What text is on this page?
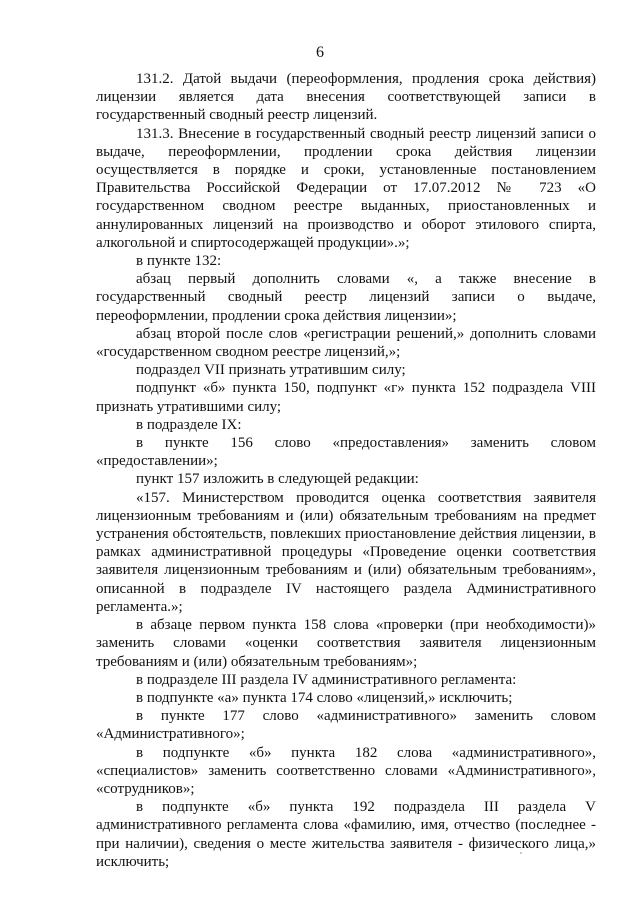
6

131.2. Датой выдачи (переоформления, продления срока действия) лицензии является дата внесения соответствующей записи в государственный сводный реестр лицензий.

131.3. Внесение в государственный сводный реестр лицензий записи о выдаче, переоформлении, продлении срока действия лицензии осуществляется в порядке и сроки, установленные постановлением Правительства Российской Федерации от 17.07.2012 № 723 «О государственном сводном реестре выданных, приостановленных и аннулированных лицензий на производство и оборот этилового спирта, алкогольной и спиртосодержащей продукции».»;

в пункте 132:

абзац первый дополнить словами «, а также внесение в государственный сводный реестр лицензий записи о выдаче, переоформлении, продлении срока действия лицензии»;

абзац второй после слов «регистрации решений,» дополнить словами «государственном сводном реестре лицензий,»;

подраздел VII признать утратившим силу;

подпункт «б» пункта 150, подпункт «г» пункта 152 подраздела VIII признать утратившими силу;

в подразделе IX:

в пункте 156 слово «предоставления» заменить словом «предоставлении»;

пункт 157 изложить в следующей редакции:

«157. Министерством проводится оценка соответствия заявителя лицензионным требованиям и (или) обязательным требованиям на предмет устранения обстоятельств, повлекших приостановление действия лицензии, в рамках административной процедуры «Проведение оценки соответствия заявителя лицензионным требованиям и (или) обязательным требованиям», описанной в подразделе IV настоящего раздела Административного регламента.»;

в абзаце первом пункта 158 слова «проверки (при необходимости)» заменить словами «оценки соответствия заявителя лицензионным требованиям и (или) обязательным требованиям»;

в подразделе III раздела IV административного регламента:

в подпункте «а» пункта 174 слово «лицензий,» исключить;

в пункте 177 слово «административного» заменить словом «Административного»;

в подпункте «б» пункта 182 слова «административного», «специалистов» заменить соответственно словами «Административного», «сотрудников»;

в подпункте «б» пункта 192 подраздела III раздела V административного регламента слова «фамилию, имя, отчество (последнее - при наличии), сведения о месте жительства заявителя - физического лица,» исключить;
